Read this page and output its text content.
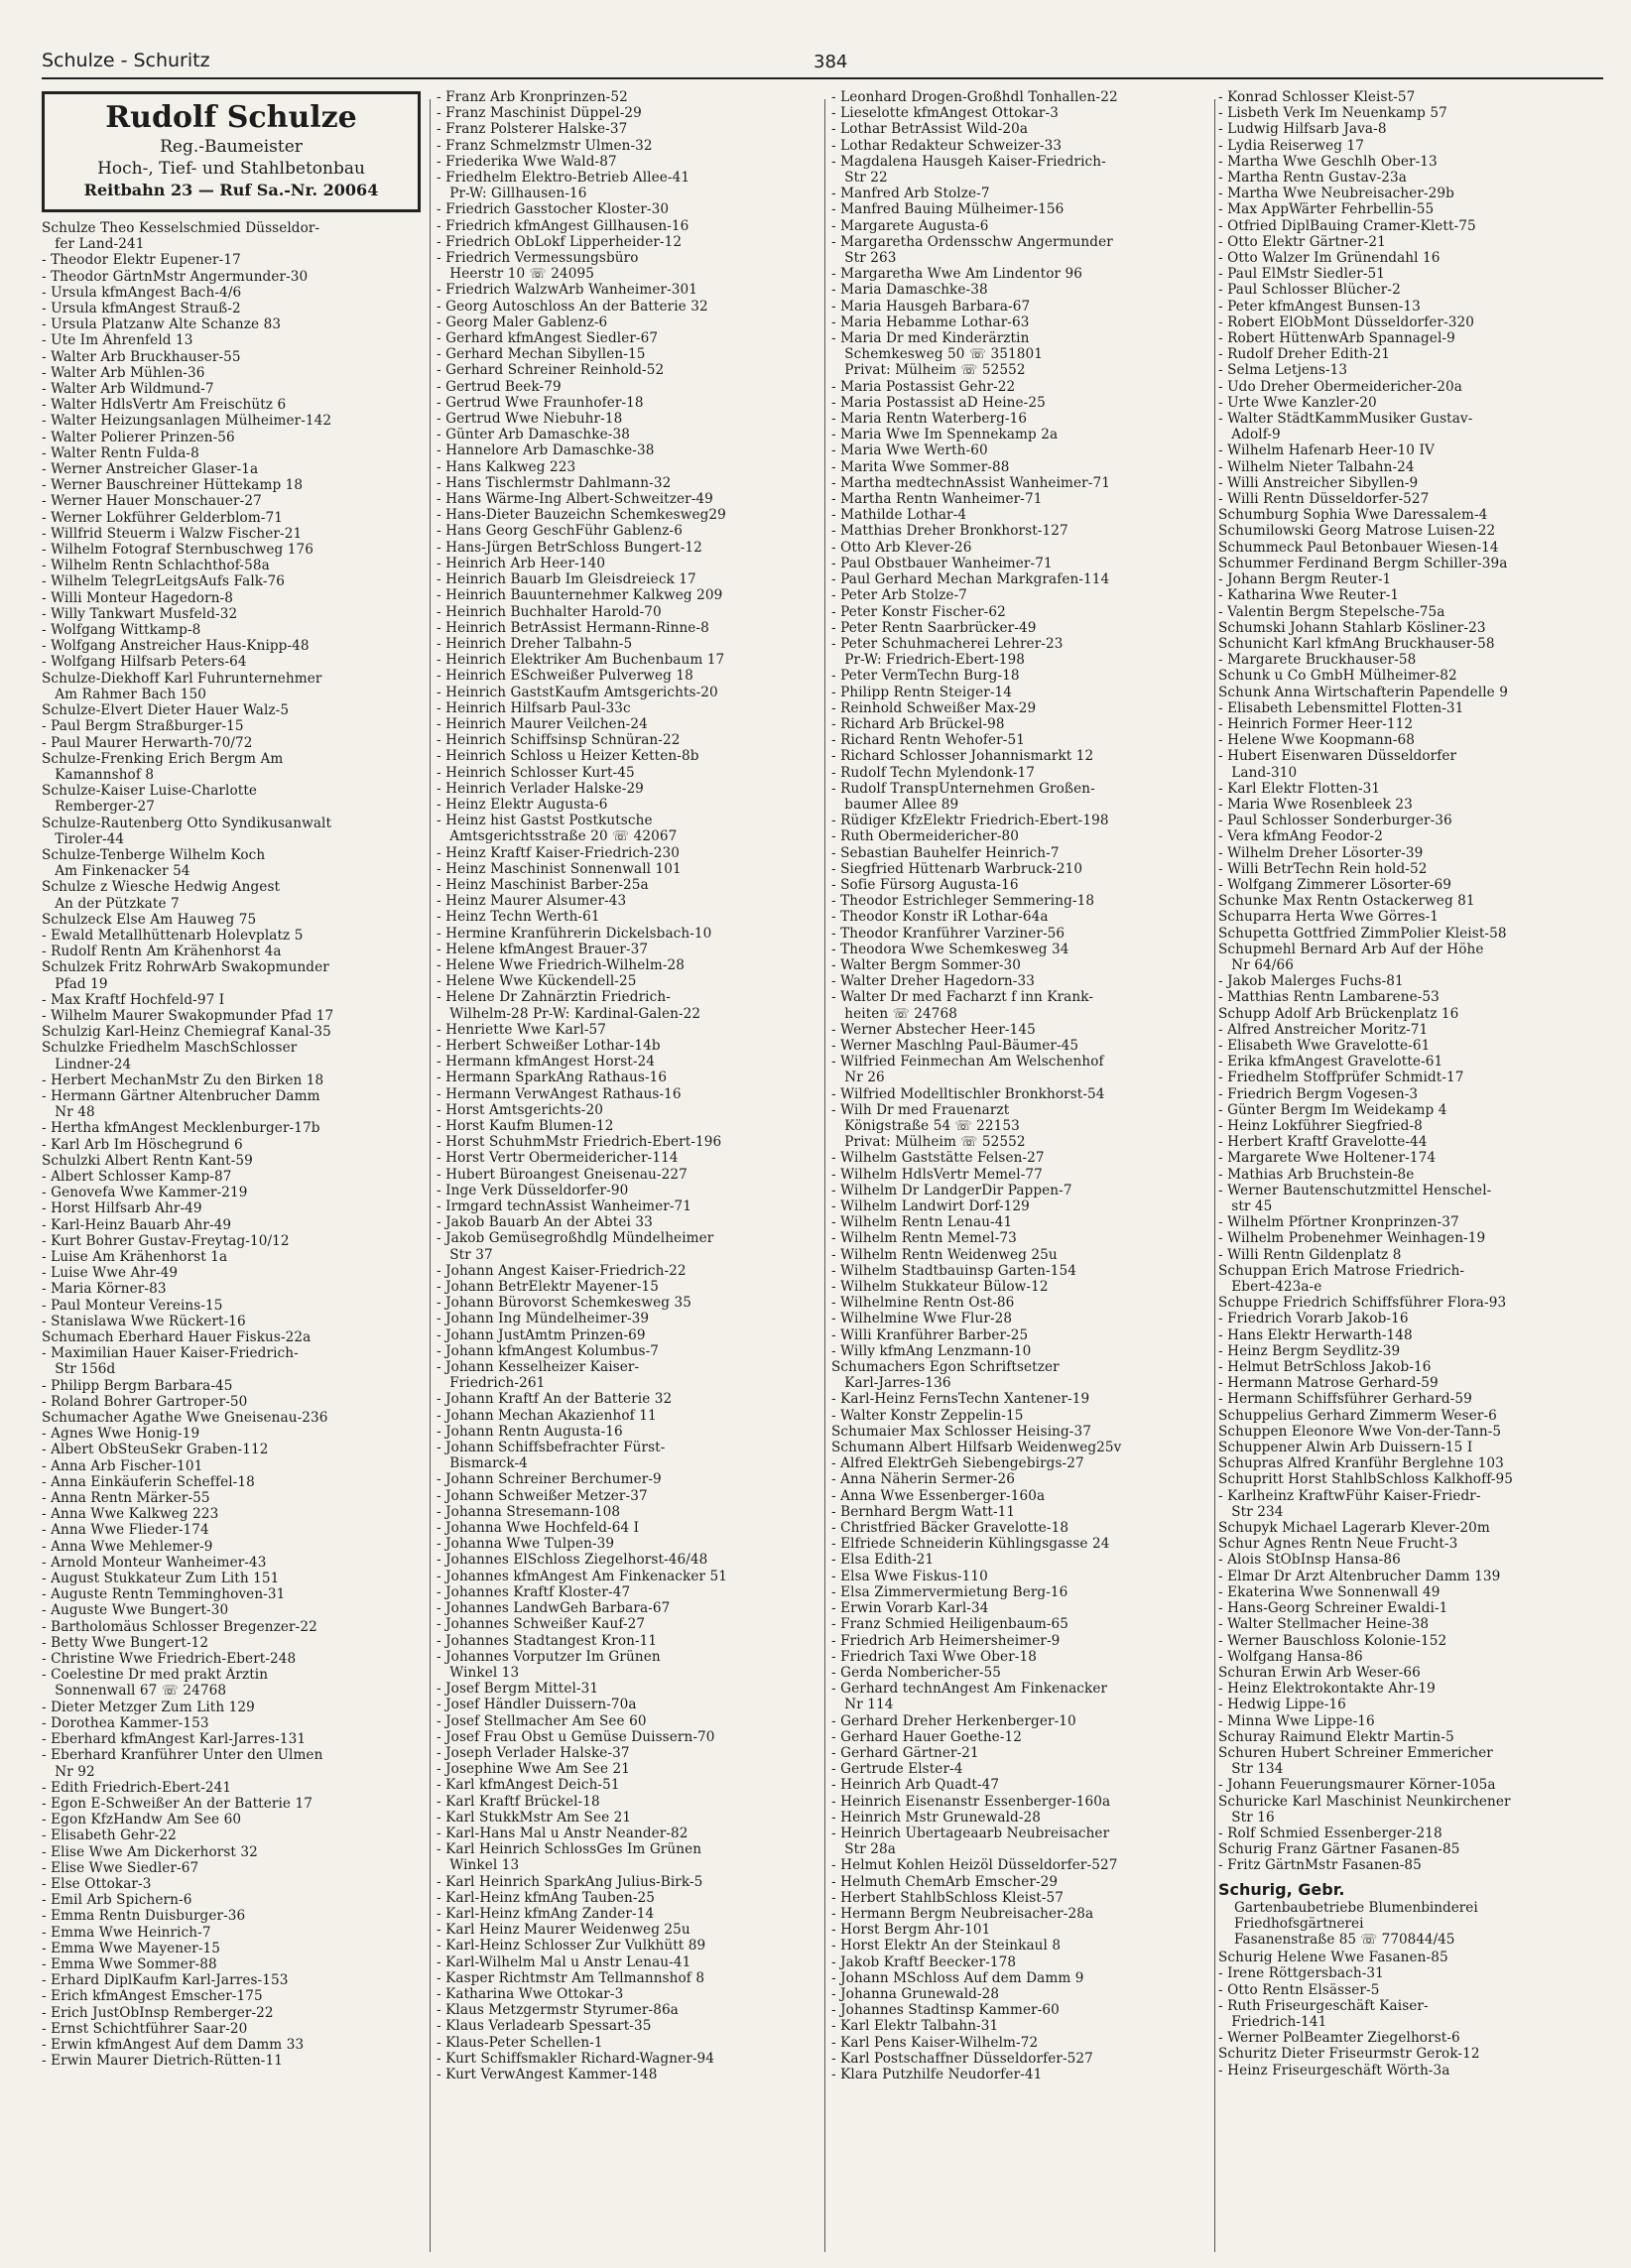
Schulze - Schuritz	384
Rudolf Schulze
Reg.-Baumeister
Hoch-, Tief- und Stahlbetonbau
Reitbahn 23 — Ruf Sa.-Nr. 20064
Schulze Theo Kesselschmied Düsseldor-
fer Land-241
- Theodor Elektr Eupener-17
- Theodor GärtnMstr Angermunder-30
- Ursula kfmAngest Bach-4/6
- Ursula kfmAngest Strauß-2
- Ursula Platzanw Alte Schanze 83
- Ute Im Ährenfeld 13
- Walter Arb Bruckhauser-55
- Walter Arb Mühlen-36
- Walter Arb Wildmund-7
- Walter HdlsVertr Am Freischütz 6
- Walter Heizungsanlagen Mülheimer-142
- Walter Polierer Prinzen-56
- Walter Rentn Fulda-8
- Werner Anstreicher Glaser-1a
- Werner Bauschreiner Hüttekamp 18
- Werner Hauer Monschauer-27
- Werner Lokführer Gelderblom-71
- Willfrid Steuerm i Walzw Fischer-21
- Wilhelm Fotograf Sternbuschweg 176
- Wilhelm Rentn Schlachthof-58a
- Wilhelm TelegrLeitgsAufs Falk-76
- Willi Monteur Hagedorn-8
- Willy Tankwart Musfeld-32
- Wolfgang Wittkamp-8
- Wolfgang Anstreicher Haus-Knipp-48
- Wolfgang Hilfsarb Peters-64
Schulze-Diekhoff Karl Fuhrunternehmer
Am Rahmer Bach 150
Schulze-Elvert Dieter Hauer Walz-5
- Paul Bergm Straßburger-15
- Paul Maurer Herwarth-70/72
Schulze-Frenking Erich Bergm Am
Kamannshof 8
Schulze-Kaiser Luise-Charlotte
Remberger-27
Schulze-Rautenberg Otto Syndikusanwalt
Tiroler-44
Schulze-Tenberge Wilhelm Koch
Am Finkenacker 54
Schulze z Wiesche Hedwig Angest
An der Pützkate 7
Schulzeck Else Am Hauweg 75
- Ewald Metallhüttenarb Holevplatz 5
- Rudolf Rentn Am Krähenhorst 4a
Schulzek Fritz RohrwArb Swakopmunder
Pfad 19
- Max Kraftf Hochfeld-97 I
- Wilhelm Maurer Swakopmunder Pfad 17
Schulzig Karl-Heinz Chemiegraf Kanal-35
Schulzke Friedhelm MaschSchlosser
Lindner-24
- Herbert MechanMstr Zu den Birken 18
- Hermann Gärtner Altenbrucher Damm
Nr 48
- Hertha kfmAngest Mecklenburger-17b
- Karl Arb Im Höschegrund 6
Schulzki Albert Rentn Kant-59
- Albert Schlosser Kamp-87
- Genovefa Wwe Kammer-219
- Horst Hilfsarb Ahr-49
- Karl-Heinz Bauarb Ahr-49
- Kurt Bohrer Gustav-Freytag-10/12
- Luise Am Krähenhorst 1a
- Luise Wwe Ahr-49
- Maria Körner-83
- Paul Monteur Vereins-15
- Stanislawa Wwe Rückert-16
Schumach Eberhard Hauer Fiskus-22a
- Maximilian Hauer Kaiser-Friedrich-
Str 156d
- Philipp Bergm Barbara-45
- Roland Bohrer Gartroper-50
Schumacher Agathe Wwe Gneisenau-236
- Agnes Wwe Honig-19
- Albert ObSteuSekr Graben-112
- Anna Arb Fischer-101
- Anna Einkäuferin Scheffel-18
- Anna Rentn Märker-55
- Anna Wwe Kalkweg 223
- Anna Wwe Flieder-174
- Anna Wwe Mehlemer-9
- Arnold Monteur Wanheimer-43
- August Stukkateur Zum Lith 151
- Auguste Rentn Temminghoven-31
- Auguste Wwe Bungert-30
- Bartholomäus Schlosser Bregenzer-22
- Betty Wwe Bungert-12
- Christine Wwe Friedrich-Ebert-248
- Coelestine Dr med prakt Ärztin
Sonnenwall 67 ☏ 24768
- Dieter Metzger Zum Lith 129
- Dorothea Kammer-153
- Eberhard kfmAngest Karl-Jarres-131
- Eberhard Kranführer Unter den Ulmen
Nr 92
- Edith Friedrich-Ebert-241
- Egon E-Schweißer An der Batterie 17
- Egon KfzHandw Am See 60
- Elisabeth Gehr-22
- Elise Wwe Am Dickerhorst 32
- Elise Wwe Siedler-67
- Else Ottokar-3
- Emil Arb Spichern-6
- Emma Rentn Duisburger-36
- Emma Wwe Heinrich-7
- Emma Wwe Mayener-15
- Emma Wwe Sommer-88
- Erhard DiplKaufm Karl-Jarres-153
- Erich kfmAngest Emscher-175
- Erich JustObInsp Remberger-22
- Ernst Schichtführer Saar-20
- Erwin kfmAngest Auf dem Damm 33
- Erwin Maurer Dietrich-Rütten-11
- Franz Arb Kronprinzen-52
- Franz Maschinist Düppel-29
- Franz Polsterer Halske-37
- Franz Schmelzmstr Ulmen-32
- Friederika Wwe Wald-87
- Friedhelm Elektro-Betrieb Allee-41
Pr-W: Gillhausen-16
- Friedrich Gasstocher Kloster-30
- Friedrich kfmAngest Gillhausen-16
- Friedrich ObLokf Lipperheider-12
- Friedrich Vermessungsbüro
Heerstr 10 ☏ 24095
- Friedrich WalzwArb Wanheimer-301
- Georg Autoschloss An der Batterie 32
- Georg Maler Gablenz-6
- Gerhard kfmAngest Siedler-67
- Gerhard Mechan Sibyllen-15
- Gerhard Schreiner Reinhold-52
- Gertrud Beek-79
- Gertrud Wwe Fraunhofer-18
- Gertrud Wwe Niebuhr-18
- Günter Arb Damaschke-38
- Hannelore Arb Damaschke-38
- Hans Kalkweg 223
- Hans Tischlermstr Dahlmann-32
- Hans Wärme-Ing Albert-Schweitzer-49
- Hans-Dieter Bauzeichn Schemkesweg29
- Hans Georg GeschFühr Gablenz-6
- Hans-Jürgen BetrSchloss Bungert-12
- Heinrich Arb Heer-140
- Heinrich Bauarb Im Gleisdreieck 17
- Heinrich Bauunternehmer Kalkweg 209
- Heinrich Buchhalter Harold-70
- Heinrich BetrAssist Hermann-Rinne-8
- Heinrich Dreher Talbahn-5
- Heinrich Elektriker Am Buchenbaum 17
- Heinrich ESchweißer Pulverweg 18
- Heinrich GaststKaufm Amtsgerichts-20
- Heinrich Hilfsarb Paul-33c
- Heinrich Maurer Veilchen-24
- Heinrich Schiffsinsp Schnüran-22
- Heinrich Schloss u Heizer Ketten-8b
- Heinrich Schlosser Kurt-45
- Heinrich Verlader Halske-29
- Heinz Elektr Augusta-6
- Heinz hist Gastst Postkutsche
Amtsgerichtsstraße 20 ☏ 42067
- Heinz Kraftf Kaiser-Friedrich-230
- Heinz Maschinist Sonnenwall 101
- Heinz Maschinist Barber-25a
- Heinz Maurer Alsumer-43
- Heinz Techn Werth-61
- Hermine Kranführerin Dickelsbach-10
- Helene kfmAngest Brauer-37
- Helene Wwe Friedrich-Wilhelm-28
- Helene Wwe Kückendell-25
- Helene Dr Zahnärztin Friedrich-
Wilhelm-28 Pr-W: Kardinal-Galen-22
- Henriette Wwe Karl-57
- Herbert Schweißer Lothar-14b
- Hermann kfmAngest Horst-24
- Hermann SparkAng Rathaus-16
- Hermann VerwAngest Rathaus-16
- Horst Amtsgerichts-20
- Horst Kaufm Blumen-12
- Horst SchuhmMstr Friedrich-Ebert-196
- Horst Vertr Obermeidericher-114
- Hubert Büroangest Gneisenau-227
- Inge Verk Düsseldorfer-90
- Irmgard technAssist Wanheimer-71
- Jakob Bauarb An der Abtei 33
- Jakob Gemüsegroßhdlg Mündelheimer
Str 37
- Johann Angest Kaiser-Friedrich-22
- Johann BetrElektr Mayener-15
- Johann Bürovorst Schemkesweg 35
- Johann Ing Mündelheimer-39
- Johann JustAmtm Prinzen-69
- Johann kfmAngest Kolumbus-7
- Johann Kesselheizer Kaiser-
Friedrich-261
- Johann Kraftf An der Batterie 32
- Johann Mechan Akazienhof 11
- Johann Rentn Augusta-16
- Johann Schiffsbefrachter Fürst-
Bismarck-4
- Johann Schreiner Berchumer-9
- Johann Schweißer Metzer-37
- Johanna Stresemann-108
- Johanna Wwe Hochfeld-64 I
- Johanna Wwe Tulpen-39
- Johannes ElSchloss Ziegelhorst-46/48
- Johannes kfmAngest Am Finkenacker 51
- Johannes Kraftf Kloster-47
- Johannes LandwGeh Barbara-67
- Johannes Schweißer Kauf-27
- Johannes Stadtangest Kron-11
- Johannes Vorputzer Im Grünen
Winkel 13
- Josef Bergm Mittel-31
- Josef Händler Duissern-70a
- Josef Stellmacher Am See 60
- Josef Frau Obst u Gemüse Duissern-70
- Joseph Verlader Halske-37
- Josephine Wwe Am See 21
- Karl kfmAngest Deich-51
- Karl Kraftf Brückel-18
- Karl StukkMstr Am See 21
- Karl-Hans Mal u Anstr Neander-82
- Karl Heinrich SchlossGes Im Grünen
Winkel 13
- Karl Heinrich SparkAng Julius-Birk-5
- Karl-Heinz kfmAng Tauben-25
- Karl-Heinz kfmAng Zander-14
- Karl Heinz Maurer Weidenweg 25u
- Karl-Heinz Schlosser Zur Vulkhütt 89
- Karl-Wilhelm Mal u Anstr Lenau-41
- Kasper Richtmstr Am Tellmannshof 8
- Katharina Wwe Ottokar-3
- Klaus Metzgermstr Styrumer-86a
- Klaus Verladearb Spessart-35
- Klaus-Peter Schellen-1
- Kurt Schiffsmakler Richard-Wagner-94
- Kurt VerwAngest Kammer-148
- Leonhard Drogen-Großhdl Tonhallen-22
- Lieselotte kfmAngest Ottokar-3
- Lothar BetrAssist Wild-20a
- Lothar Redakteur Schweizer-33
- Magdalena Hausgeh Kaiser-Friedrich-
Str 22
- Manfred Arb Stolze-7
- Manfred Bauing Mülheimer-156
- Margarete Augusta-6
- Margaretha Ordensschw Angermunder
Str 263
- Margaretha Wwe Am Lindentor 96
- Maria Damaschke-38
- Maria Hausgeh Barbara-67
- Maria Hebamme Lothar-63
- Maria Dr med Kinderärztin
Schemkesweg 50 ☏ 351801
Privat: Mülheim ☏ 52552
- Maria Postassist Gehr-22
- Maria Postassist aD Heine-25
- Maria Rentn Waterberg-16
- Maria Wwe Im Spennekamp 2a
- Maria Wwe Werth-60
- Marita Wwe Sommer-88
- Martha medtechnAssist Wanheimer-71
- Martha Rentn Wanheimer-71
- Mathilde Lothar-4
- Matthias Dreher Bronkhorst-127
- Otto Arb Klever-26
- Paul Obstbauer Wanheimer-71
- Paul Gerhard Mechan Markgrafen-114
- Peter Arb Stolze-7
- Peter Konstr Fischer-62
- Peter Rentn Saarbrücker-49
- Peter Schuhmacherei Lehrer-23
Pr-W: Friedrich-Ebert-198
- Peter VermTechn Burg-18
- Philipp Rentn Steiger-14
- Reinhold Schweißer Max-29
- Richard Arb Brückel-98
- Richard Rentn Wehofer-51
- Richard Schlosser Johannismarkt 12
- Rudolf Techn Mylendonk-17
- Rudolf TranspUnternehmen Großen-
baumer Allee 89
- Rüdiger KfzElektr Friedrich-Ebert-198
- Ruth Obermeidericher-80
- Sebastian Bauhelfer Heinrich-7
- Siegfried Hüttenarb Warbruck-210
- Sofie Fürsorg Augusta-16
- Theodor Estrichleger Semmering-18
- Theodor Konstr iR Lothar-64a
- Theodor Kranführer Varziner-56
- Theodora Wwe Schemkesweg 34
- Walter Bergm Sommer-30
- Walter Dreher Hagedorn-33
- Walter Dr med Facharzt f inn Krank-
heiten ☏ 24768
- Werner Abstecher Heer-145
- Werner Maschlng Paul-Bäumer-45
- Wilfried Feinmechan Am Welschenhof
Nr 26
- Wilfried Modelltischler Bronkhorst-54
- Wilh Dr med Frauenarzt
Königstraße 54 ☏ 22153
Privat: Mülheim ☏ 52552
- Wilhelm Gaststätte Felsen-27
- Wilhelm HdlsVertr Memel-77
- Wilhelm Dr LandgerDir Pappen-7
- Wilhelm Landwirt Dorf-129
- Wilhelm Rentn Lenau-41
- Wilhelm Rentn Memel-73
- Wilhelm Rentn Weidenweg 25u
- Wilhelm Stadtbauinsp Garten-154
- Wilhelm Stukkateur Bülow-12
- Wilhelmine Rentn Ost-86
- Wilhelmine Wwe Flur-28
- Willi Kranführer Barber-25
- Willy kfmAng Lenzmann-10
Schumachers Egon Schriftsetzer
Karl-Jarres-136
- Karl-Heinz FernsTechn Xantener-19
- Walter Konstr Zeppelin-15
Schumaier Max Schlosser Heising-37
Schumann Albert Hilfsarb Weidenweg25v
- Alfred ElektrGeh Siebengebirgs-27
- Anna Näherin Sermer-26
- Anna Wwe Essenberger-160a
- Bernhard Bergm Watt-11
- Christfried Bäcker Gravelotte-18
- Elfriede Schneiderin Kühlingsgasse 24
- Elsa Edith-21
- Elsa Wwe Fiskus-110
- Elsa Zimmervermietung Berg-16
- Erwin Vorarb Karl-34
- Franz Schmied Heiligenbaum-65
- Friedrich Arb Heimersheimer-9
- Friedrich Taxi Wwe Ober-18
- Gerda Nombericher-55
- Gerhard technAngest Am Finkenacker
Nr 114
- Gerhard Dreher Herkenberger-10
- Gerhard Hauer Goethe-12
- Gerhard Gärtner-21
- Gertrude Elster-4
- Heinrich Arb Quadt-47
- Heinrich Eisenanstr Essenberger-160a
- Heinrich Mstr Grunewald-28
- Heinrich Übertageaarb Neubreisacher
Str 28a
- Helmut Kohlen Heizöl Düsseldorfer-527
- Helmuth ChemArb Emscher-29
- Herbert StahlbSchloss Kleist-57
- Hermann Bergm Neubreisacher-28a
- Horst Bergm Ahr-101
- Horst Elektr An der Steinkaul 8
- Jakob Kraftf Beecker-178
- Johann MSchloss Auf dem Damm 9
- Johanna Grunewald-28
- Johannes Stadtinsp Kammer-60
- Karl Elektr Talbahn-31
- Karl Pens Kaiser-Wilhelm-72
- Karl Postschaffner Düsseldorfer-527
- Klara Putzhilfe Neudorfer-41
- Konrad Schlosser Kleist-57
- Lisbeth Verk Im Neuenkamp 57
- Ludwig Hilfsarb Java-8
- Lydia Reiserweg 17
- Martha Wwe Geschlh Ober-13
- Martha Rentn Gustav-23a
- Martha Wwe Neubreisacher-29b
- Max AppWärter Fehrbellin-55
- Otfried DiplBauing Cramer-Klett-75
- Otto Elektr Gärtner-21
- Otto Walzer Im Grünendahl 16
- Paul ElMstr Siedler-51
- Paul Schlosser Blücher-2
- Peter kfmAngest Bunsen-13
- Robert ElObMont Düsseldorfer-320
- Robert HüttenwArb Spannagel-9
- Rudolf Dreher Edith-21
- Selma Letjens-13
- Udo Dreher Obermeidericher-20a
- Urte Wwe Kanzler-20
- Walter StädtKammMusiker Gustav-
Adolf-9
- Wilhelm Hafenarb Heer-10 IV
- Wilhelm Nieter Talbahn-24
- Willi Anstreicher Sibyllen-9
- Willi Rentn Düsseldorfer-527
Schumburg Sophia Wwe Daressalem-4
Schumilowski Georg Matrose Luisen-22
Schummeck Paul Betonbauer Wiesen-14
Schummer Ferdinand Bergm Schiller-39a
- Johann Bergm Reuter-1
- Katharina Wwe Reuter-1
- Valentin Bergm Stepelsche-75a
Schumski Johann Stahlarb Kösliner-23
Schunicht Karl kfmAng Bruckhauser-58
- Margarete Bruckhauser-58
Schunk u Co GmbH Mülheimer-82
Schunk Anna Wirtschafterin Papendelle 9
- Elisabeth Lebensmittel Flotten-31
- Heinrich Former Heer-112
- Helene Wwe Koopmann-68
- Hubert Eisenwaren Düsseldorfer
Land-310
- Karl Elektr Flotten-31
- Maria Wwe Rosenbleek 23
- Paul Schlosser Sonderburger-36
- Vera kfmAng Feodor-2
- Wilhelm Dreher Lösorter-39
- Willi BetrTechn Rein hold-52
- Wolfgang Zimmerer Lösorter-69
Schunke Max Rentn Ostackerweg 81
Schuparra Herta Wwe Görres-1
Schupetta Gottfried ZimmPolier Kleist-58
Schupmehl Bernard Arb Auf der Höhe
Nr 64/66
- Jakob Malerges Fuchs-81
- Matthias Rentn Lambarene-53
Schupp Adolf Arb Brückenplatz 16
- Alfred Anstreicher Moritz-71
- Elisabeth Wwe Gravelotte-61
- Erika kfmAngest Gravelotte-61
- Friedhelm Stoffprüfer Schmidt-17
- Friedrich Bergm Vogesen-3
- Günter Bergm Im Weidekamp 4
- Heinz Lokführer Siegfried-8
- Herbert Kraftf Gravelotte-44
- Margarete Wwe Holtener-174
- Mathias Arb Bruchstein-8e
- Werner Bautenschutzmittel Henschel-
str 45
- Wilhelm Pförtner Kronprinzen-37
- Wilhelm Probenehmer Weinhagen-19
- Willi Rentn Gildenplatz 8
Schuppan Erich Matrose Friedrich-
Ebert-423a-e
Schuppe Friedrich Schiffsführer Flora-93
- Friedrich Vorarb Jakob-16
- Hans Elektr Herwarth-148
- Heinz Bergm Seydlitz-39
- Helmut BetrSchloss Jakob-16
- Hermann Matrose Gerhard-59
- Hermann Schiffsführer Gerhard-59
Schuppelius Gerhard Zimmerm Weser-6
Schuppen Eleonore Wwe Von-der-Tann-5
Schuppener Alwin Arb Duissern-15 I
Schupras Alfred Kranführ Berglehne 103
Schupritt Horst StahlbSchloss Kalkhoff-95
- Karlheinz KraftwFühr Kaiser-Friedr-
Str 234
Schupyk Michael Lagerarb Klever-20m
Schur Agnes Rentn Neue Frucht-3
- Alois StObInsp Hansa-86
- Elmar Dr Arzt Altenbrucher Damm 139
- Ekaterina Wwe Sonnenwall 49
- Hans-Georg Schreiner Ewaldi-1
- Walter Stellmacher Heine-38
- Werner Bauschloss Kolonie-152
- Wolfgang Hansa-86
Schuran Erwin Arb Weser-66
- Heinz Elektrokontakte Ahr-19
- Hedwig Lippe-16
- Minna Wwe Lippe-16
Schuray Raimund Elektr Martin-5
Schuren Hubert Schreiner Emmericher
Str 134
- Johann Feuerungsmaurer Körner-105a
Schuricke Karl Maschinist Neunkirchener
Str 16
- Rolf Schmied Essenberger-218
Schurig Franz Gärtner Fasanen-85
- Fritz GärtnMstr Fasanen-85
Schurig, Gebr.
Gartenbaubetriebe Blumenbinderei
Friedhofsgärtnerei
Fasanenstraße 85 ☏ 770844/45
Schurig Helene Wwe Fasanen-85
- Irene Röttgersbach-31
- Otto Rentn Elsässer-5
- Ruth Friseurgeschäft Kaiser-
Friedrich-141
- Werner PolBeamter Ziegelhorst-6
Schuritz Dieter Friseurmstr Gerok-12
- Heinz Friseurgeschäft Wörth-3a
